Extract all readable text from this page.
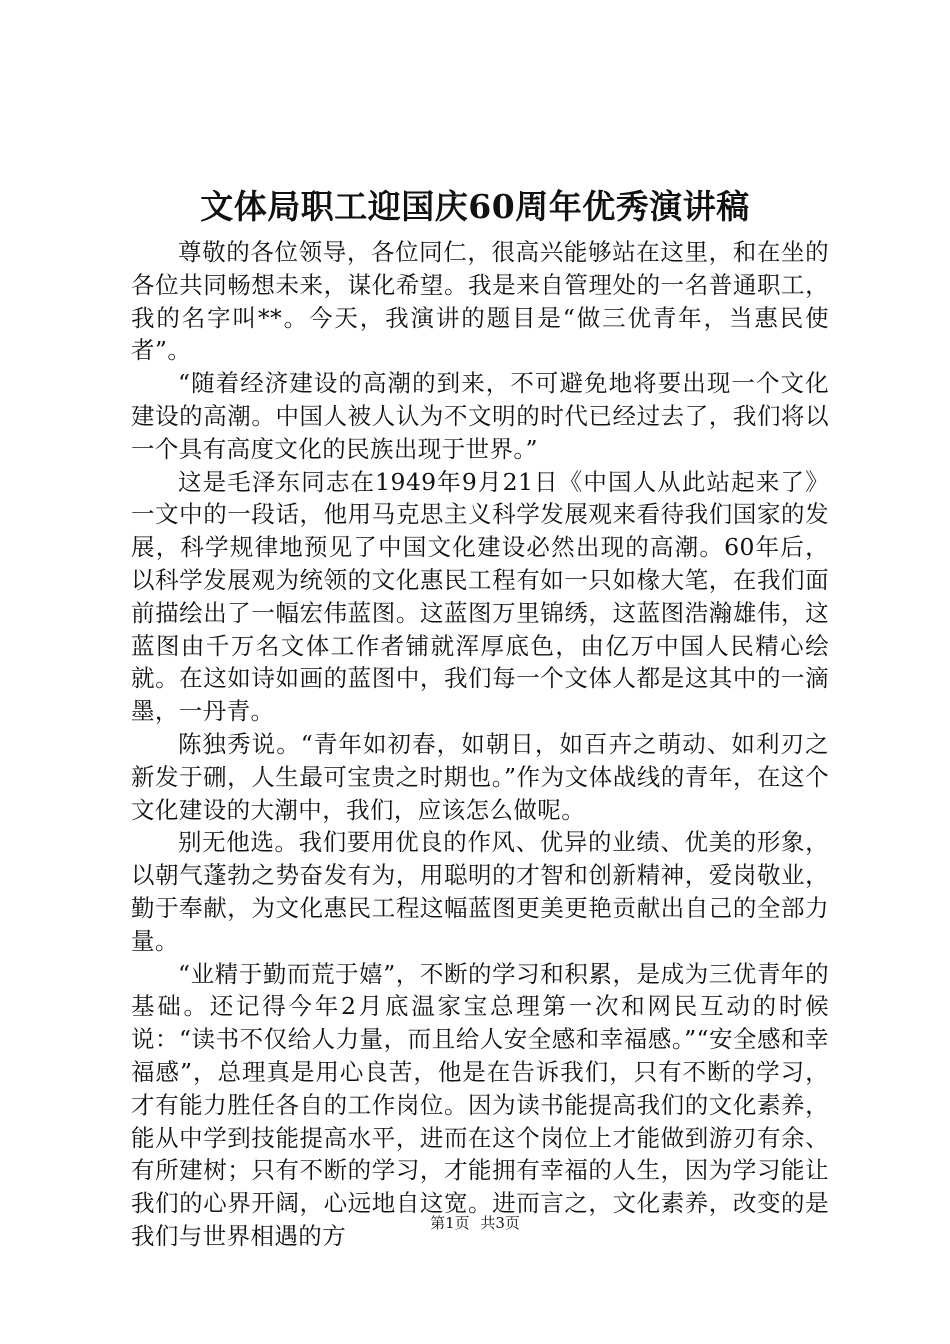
文体局职工迎国庆60周年优秀演讲稿

尊敬的各位领导，各位同仁，很高兴能够站在这里，和在坐的各位共同畅想未来，谋化希望。我是来自管理处的一名普通职工，我的名字叫**。今天，我演讲的题目是“做三优青年，当惠民使者”。

“随着经济建设的高潮的到来，不可避免地将要出现一个文化建设的高潮。中国人被人认为不文明的时代已经过去了，我们将以一个具有高度文化的民族出现于世界。”

这是毛泽东同志在1949年9月21日《中国人从此站起来了》一文中的一段话，他用马克思主义科学发展观来看待我们国家的发展，科学规律地预见了中国文化建设必然出现的高潮。60年后，以科学发展观为统领的文化惠民工程有如一只如椽大笔，在我们面前描绘出了一幅宏伟蓝图。这蓝图万里锦绣，这蓝图浩瀚雄伟，这蓝图由千万名文体工作者铺就浑厚底色，由亿万中国人民精心绘就。在这如诗如画的蓝图中，我们每一个文体人都是这其中的一滴墨，一丹青。

陈独秀说。“青年如初春，如朝日，如百卉之萌动、如利刃之新发于硎，人生最可宝贵之时期也。”作为文体战线的青年，在这个文化建设的大潮中，我们，应该怎么做呢。

别无他选。我们要用优良的作风、优异的业绩、优美的形象，以朝气蓬勃之势奋发有为，用聪明的才智和创新精神，爱岗敬业，勤于奉献，为文化惠民工程这幅蓝图更美更艳贡献出自己的全部力量。

“业精于勤而荒于嬉”，不断的学习和积累，是成为三优青年的基础。还记得今年2月底温家宝总理第一次和网民互动的时候说：“读书不仅给人力量，而且给人安全感和幸福感。”“安全感和幸福感”，总理真是用心良苦，他是在告诉我们，只有不断的学习，才有能力胜任各自的工作岗位。因为读书能提高我们的文化素养，能从中学到技能提高水平，进而在这个岗位上才能做到游刃有余、有所建树；只有不断的学习，才能拥有幸福的人生，因为学习能让我们的心界开阔，心远地自这宽。进而言之，文化素养，改变的是我们与世界相遇的方	第1页 共3页
